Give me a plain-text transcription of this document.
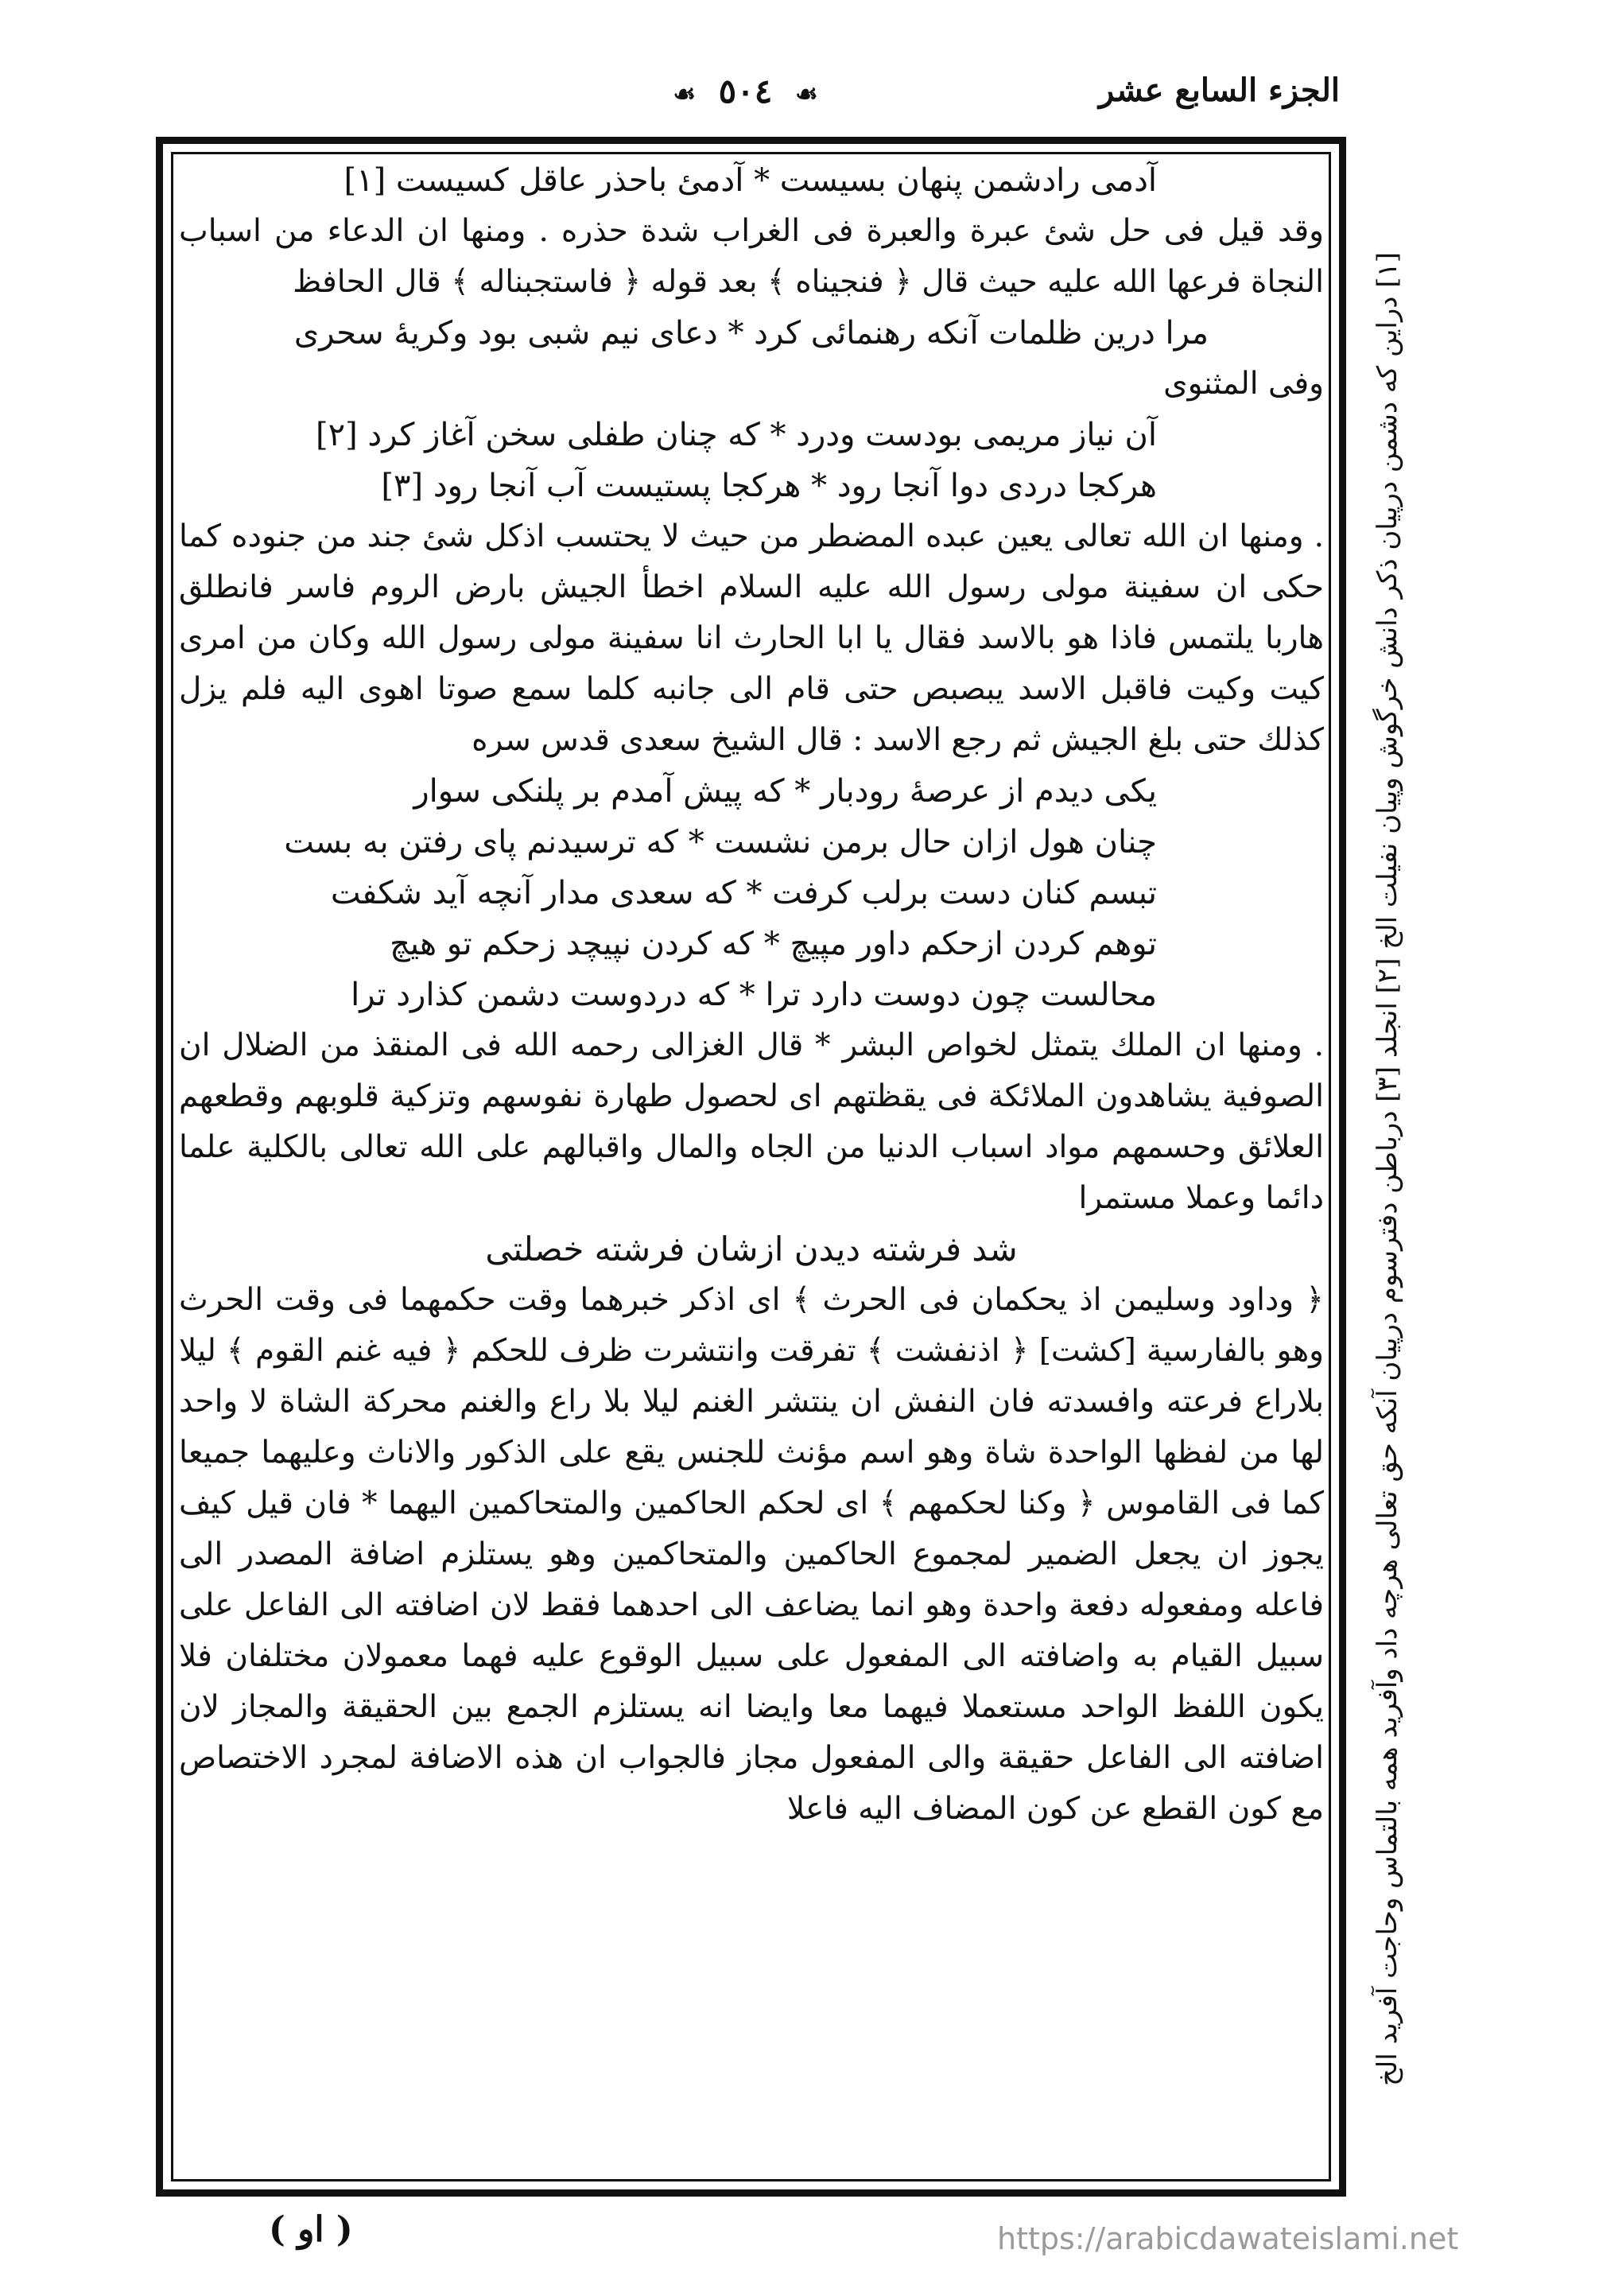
الجزء السابع عشر
☙ ٥٠٤ ☙

آدمى رادشمن پنهان بسيست * آدمئ باحذر عاقل كسيست [١]

وقد قيل فى حل شئ عبرة والعبرة فى الغراب شدة حذره . ومنها ان الدعاء من اسباب النجاة فرعها الله عليه حيث قال ﴿ فنجيناه ﴾ بعد قوله ﴿ فاستجبناله ﴾ قال الحافظ

مرا درين ظلمات آنكه رهنمائى كرد * دعاى نيم شبى بود وكريهٔ سحرى

وفى المثنوى

آن نياز مريمى بودست ودرد * كه چنان طفلى سخن آغاز كرد [٢]

هركجا دردى دوا آنجا رود * هركجا پستيست آب آنجا رود [٣]

. ومنها ان الله تعالى يعين عبده المضطر من حيث لا يحتسب اذكل شئ جند من جنوده كما حكى ان سفينة مولى رسول الله عليه السلام اخطأ الجيش بارض الروم فاسر فانطلق هاربا يلتمس فاذا هو بالاسد فقال يا ابا الحارث انا سفينة مولى رسول الله وكان من امرى كيت وكيت فاقبل الاسد يبصبص حتى قام الى جانبه كلما سمع صوتا اهوى اليه فلم يزل كذلك حتى بلغ الجيش ثم رجع الاسد : قال الشيخ سعدى قدس سره

يكى ديدم از عرصهٔ رودبار * كه پيش آمدم بر پلنكى سوار

چنان هول ازان حال برمن نشست * كه ترسيدنم پاى رفتن به بست

تبسم كنان دست برلب كرفت * كه سعدى مدار آنچه آيد شكفت

توهم كردن ازحكم داور مپيچ * كه كردن نپيچد زحكم تو هيچ

محالست چون دوست دارد ترا * كه دردوست دشمن كذارد ترا

. ومنها ان الملك يتمثل لخواص البشر * قال الغزالى رحمه الله فى المنقذ من الضلال ان الصوفية يشاهدون الملائكة فى يقظتهم اى لحصول طهارة نفوسهم وتزكية قلوبهم وقطعهم العلائق وحسمهم مواد اسباب الدنيا من الجاه والمال واقبالهم على الله تعالى بالكلية علما دائما وعملا مستمرا

شد فرشته ديدن ازشان فرشته خصلتى

﴿ وداود وسليمن اذ يحكمان فى الحرث ﴾ اى اذكر خبرهما وقت حكمهما فى وقت الحرث وهو بالفارسية [كشت] ﴿ اذنفشت ﴾ تفرقت وانتشرت ظرف للحكم ﴿ فيه غنم القوم ﴾ ليلا بلاراع فرعته وافسدته فان النفش ان ينتشر الغنم ليلا بلا راع والغنم محركة الشاة لا واحد لها من لفظها الواحدة شاة وهو اسم مؤنث للجنس يقع على الذكور والاناث وعليهما جميعا كما فى القاموس ﴿ وكنا لحكمهم ﴾ اى لحكم الحاكمين والمتحاكمين اليهما * فان قيل كيف يجوز ان يجعل الضمير لمجموع الحاكمين والمتحاكمين وهو يستلزم اضافة المصدر الى فاعله ومفعوله دفعة واحدة وهو انما يضاعف الى احدهما فقط لان اضافته الى الفاعل على سبيل القيام به واضافته الى المفعول على سبيل الوقوع عليه فهما معمولان مختلفان فلا يكون اللفظ الواحد مستعملا فيهما معا وايضا انه يستلزم الجمع بين الحقيقة والمجاز لان اضافته الى الفاعل حقيقة والى المفعول مجاز فالجواب ان هذه الاضافة لمجرد الاختصاص مع كون القطع عن كون المضاف اليه فاعلا [١] دراين كه دشمن درپيان ذكر دانش خرگوش وپيان نفيلت الخ [٢] انجلد [٣] درباطن دفترسوم درپيان آنكه حق تعالى هرچه داد وآفريد همه بالتماس وحاجت آفريد الخ
( او )	https://arabicdawateislami.net
